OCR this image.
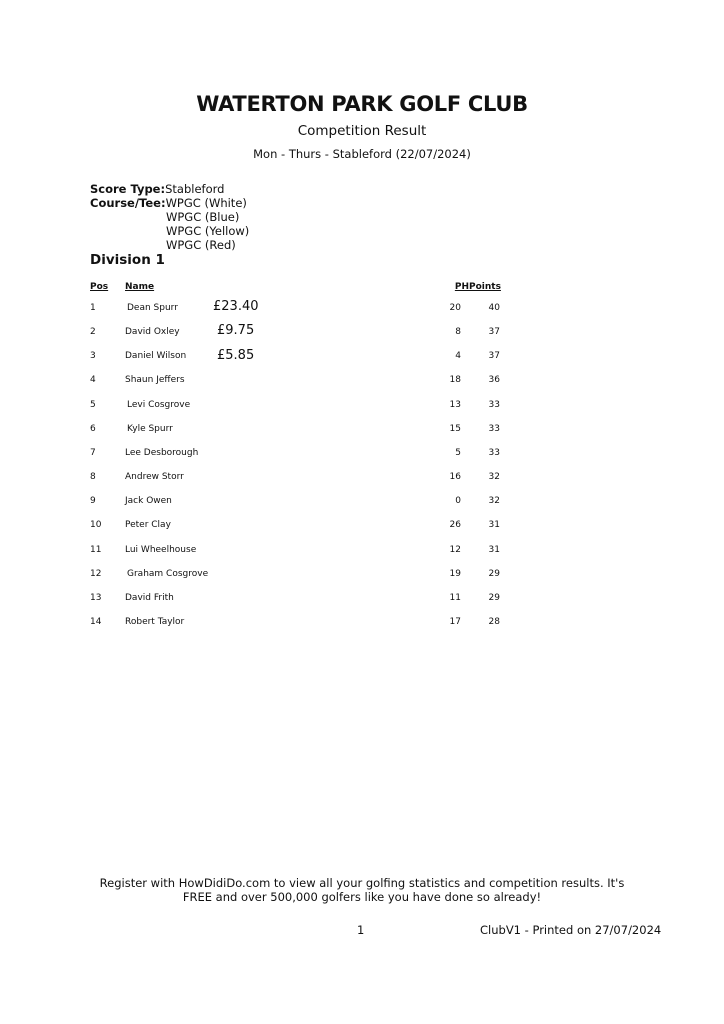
WATERTON PARK GOLF CLUB
Competition Result
Mon - Thurs - Stableford (22/07/2024)
Score Type:Stableford
Course/Tee:WPGC (White)
WPGC (Blue)
WPGC (Yellow)
WPGC (Red)
Division 1
Pos Name	PH Points
1	Dean Spurr	£23.40	20	40
2	David Oxley	£9.75	8	37
3	Daniel Wilson £5.85	4	37
4	Shaun Jeffers	18	36
5	Levi Cosgrove	13	33
6	Kyle Spurr	15	33
7	Lee Desborough	5	33
8	Andrew Storr	16	32
9	Jack Owen	0	32
10	Peter Clay	26	31
11	Lui Wheelhouse	12	31
12	Graham Cosgrove	19	29
13	David Frith	11	29
14	Robert Taylor	17	28
Register with HowDidiDo.com to view all your golfing statistics and competition results. It's FREE and over 500,000 golfers like you have done so already!
1	ClubV1 - Printed on 27/07/2024
